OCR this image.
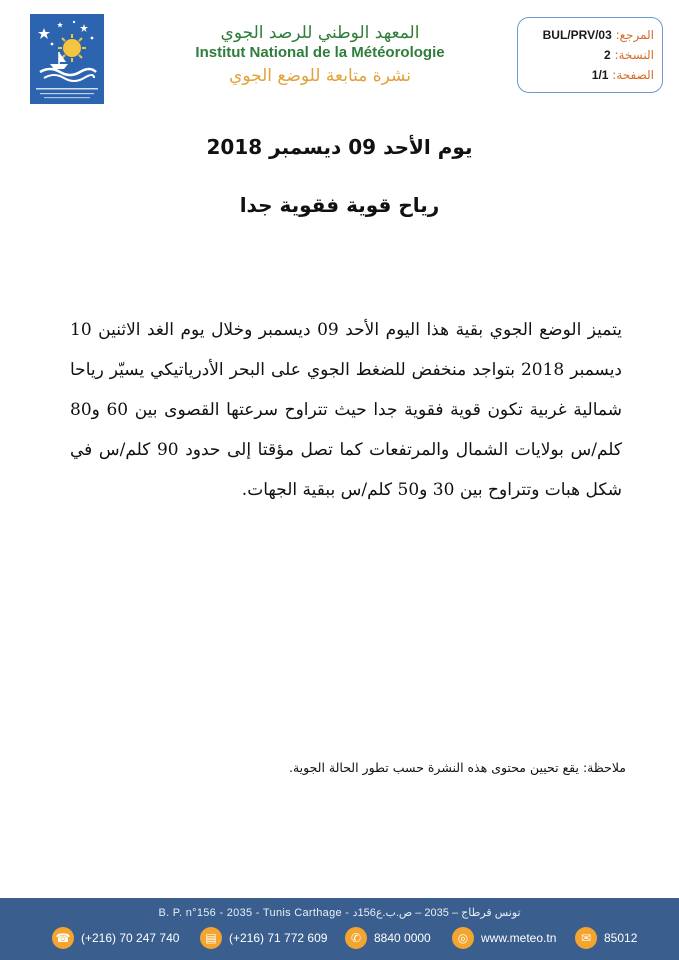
المعهد الوطني للرصد الجوي
Institut National de la Météorologie
نشرة متابعة للوضع الجوي
المرجع: BUL/PRV/03
النسخة: 2
الصفحة: 1/1
يوم الأحد 09 ديسمبر 2018
رياح قوية فقوية جدا
يتميز الوضع الجوي بقية هذا اليوم الأحد 09 ديسمبر وخلال يوم الغد الاثنين 10 ديسمبر 2018 بتواجد منخفض للضغط الجوي على البحر الأدرياتيكي يسيّر رياحا شمالية غربية تكون قوية فقوية جدا حيث تتراوح سرعتها القصوى بين 60 و80 كلم/س بولايات الشمال والمرتفعات كما تصل مؤقتا إلى حدود 90 كلم/س في شكل هبات وتتراوح بين 30 و50 كلم/س ببقية الجهات.
ملاحظة: يقع تحيين محتوى هذه النشرة حسب تطور الحالة الجوية.
B. P. n°156 - 2035 - Tunis Carthage - تونس قرطاج – 2035 – ص.ب.ع156د
☎ (+216) 70 247 740	▤	(+216) 71 772 609	✆	8840 0000	◎	www.meteo.tn	✉	85012
